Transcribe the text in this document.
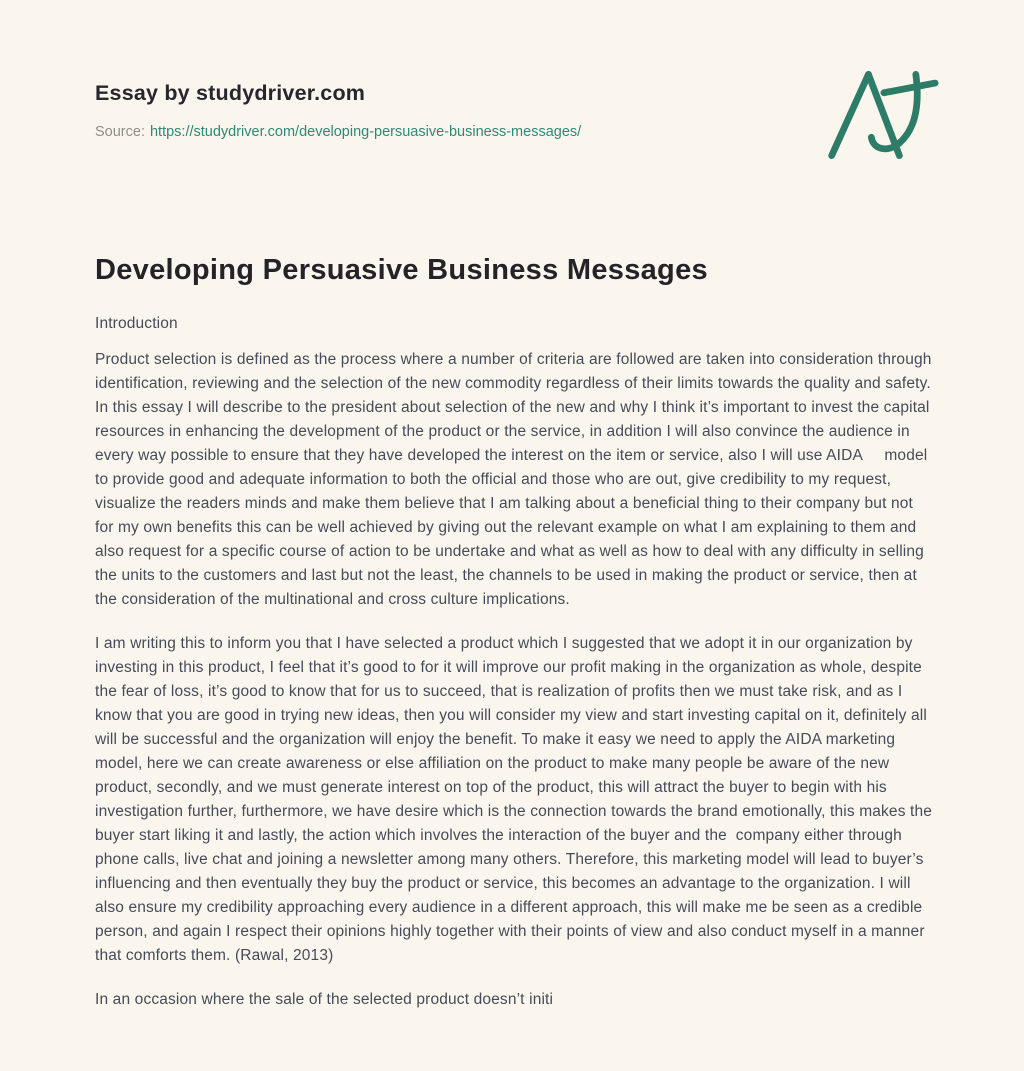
Essay by studydriver.com

Source: https://studydriver.com/developing-persuasive-business-messages/

Developing Persuasive Business Messages

Introduction

Product selection is defined as the process where a number of criteria are followed are taken into consideration through identification, reviewing and the selection of the new commodity regardless of their limits towards the quality and safety. In this essay I will describe to the president about selection of the new and why I think it’s important to invest the capital resources in enhancing the development of the product or the service, in addition I will also convince the audience in every way possible to ensure that they have developed the interest on the item or service, also I will use AIDA     model to provide good and adequate information to both the official and those who are out, give credibility to my request, visualize the readers minds and make them believe that I am talking about a beneficial thing to their company but not for my own benefits this can be well achieved by giving out the relevant example on what I am explaining to them and also request for a specific course of action to be undertake and what as well as how to deal with any difficulty in selling the units to the customers and last but not the least, the channels to be used in making the product or service, then at the consideration of the multinational and cross culture implications.

I am writing this to inform you that I have selected a product which I suggested that we adopt it in our organization by investing in this product, I feel that it’s good to for it will improve our profit making in the organization as whole, despite the fear of loss, it’s good to know that for us to succeed, that is realization of profits then we must take risk, and as I know that you are good in trying new ideas, then you will consider my view and start investing capital on it, definitely all will be successful and the organization will enjoy the benefit. To make it easy we need to apply the AIDA marketing model, here we can create awareness or else affiliation on the product to make many people be aware of the new product, secondly, and we must generate interest on top of the product, this will attract the buyer to begin with his investigation further, furthermore, we have desire which is the connection towards the brand emotionally, this makes the buyer start liking it and lastly, the action which involves the interaction of the buyer and the  company either through phone calls, live chat and joining a newsletter among many others. Therefore, this marketing model will lead to buyer’s influencing and then eventually they buy the product or service, this becomes an advantage to the organization. I will also ensure my credibility approaching every audience in a different approach, this will make me be seen as a credible person, and again I respect their opinions highly together with their points of view and also conduct myself in a manner that comforts them. (Rawal, 2013)

In an occasion where the sale of the selected product doesn’t initi
